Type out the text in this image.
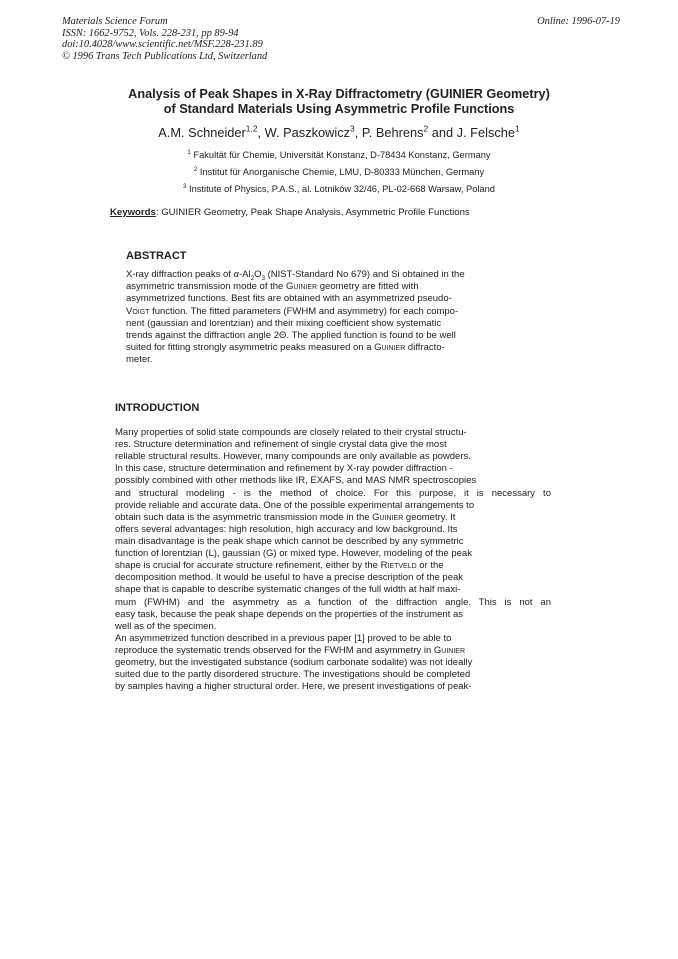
Materials Science Forum
ISSN: 1662-9752, Vols. 228-231, pp 89-94
doi:10.4028/www.scientific.net/MSF.228-231.89
© 1996 Trans Tech Publications Ltd, Switzerland
Online: 1996-07-19
Analysis of Peak Shapes in X-Ray Diffractometry (GUINIER Geometry)
of Standard Materials Using Asymmetric Profile Functions
A.M. Schneider$^{1,2}$, W. Paszkowicz$^3$, P. Behrens$^2$ and J. Felsche$^1$
$^1$ Fakultät für Chemie, Universität Konstanz, D-78434 Konstanz, Germany
$^2$ Institut für Anorganische Chemie, LMU, D-80333 München, Germany
$^3$ Institute of Physics, P.A.S., al. Lotników 32/46, PL-02-668 Warsaw, Poland
Keywords: GUINIER Geometry, Peak Shape Analysis, Asymmetric Profile Functions
ABSTRACT
X-ray diffraction peaks of $\alpha-Al_2O_3$ (NIST-Standard No 679) and Si obtained in the
asymmetric transmission mode of the Guinier geometry are fitted with
asymmetrized functions. Best fits are obtained with an asymmetrized pseudo-
Voigt function. The fitted parameters (FWHM and asymmetry) for each compo-
nent (gaussian and lorentzian) and their mixing coefficient show systematic
trends against the diffraction angle 2Θ. The applied function is found to be well
suited for fitting strongly asymmetric peaks measured on a Guinier diffracto-
meter.
INTRODUCTION
Many properties of solid state compounds are closely related to their crystal structu-
res. Structure determination and refinement of single crystal data give the most
reliable structural results. However, many compounds are only available as powders.
In this case, structure determination and refinement by X-ray powder diffraction -
possibly combined with other methods like IR, EXAFS, and MAS NMR spectroscopies
and structural modeling - is the method of choice. For this purpose, it is necessary to
provide reliable and accurate data. One of the possible experimental arrangements to
obtain such data is the asymmetric transmission mode in the Guinier geometry. It
offers several advantages: high resolution, high accuracy and low background. Its
main disadvantage is the peak shape which cannot be described by any symmetric
function of lorentzian (L), gaussian (G) or mixed type. However, modeling of the peak
shape is crucial for accurate structure refinement, either by the Rietveld or the
decomposition method. It would be useful to have a precise description of the peak
shape that is capable to describe systematic changes of the full width at half maxi-
mum (FWHM) and the asymmetry as a function of the diffraction angle. This is not an
easy task, because the peak shape depends on the properties of the instrument as
well as of the specimen.
An asymmetrized function described in a previous paper [1] proved to be able to
reproduce the systematic trends observed for the FWHM and asymmetry in Guinier
geometry, but the investigated substance (sodium carbonate sodalite) was not ideally
suited due to the partly disordered structure. The investigations should be completed
by samples having a higher structural order. Here, we present investigations of peak-
